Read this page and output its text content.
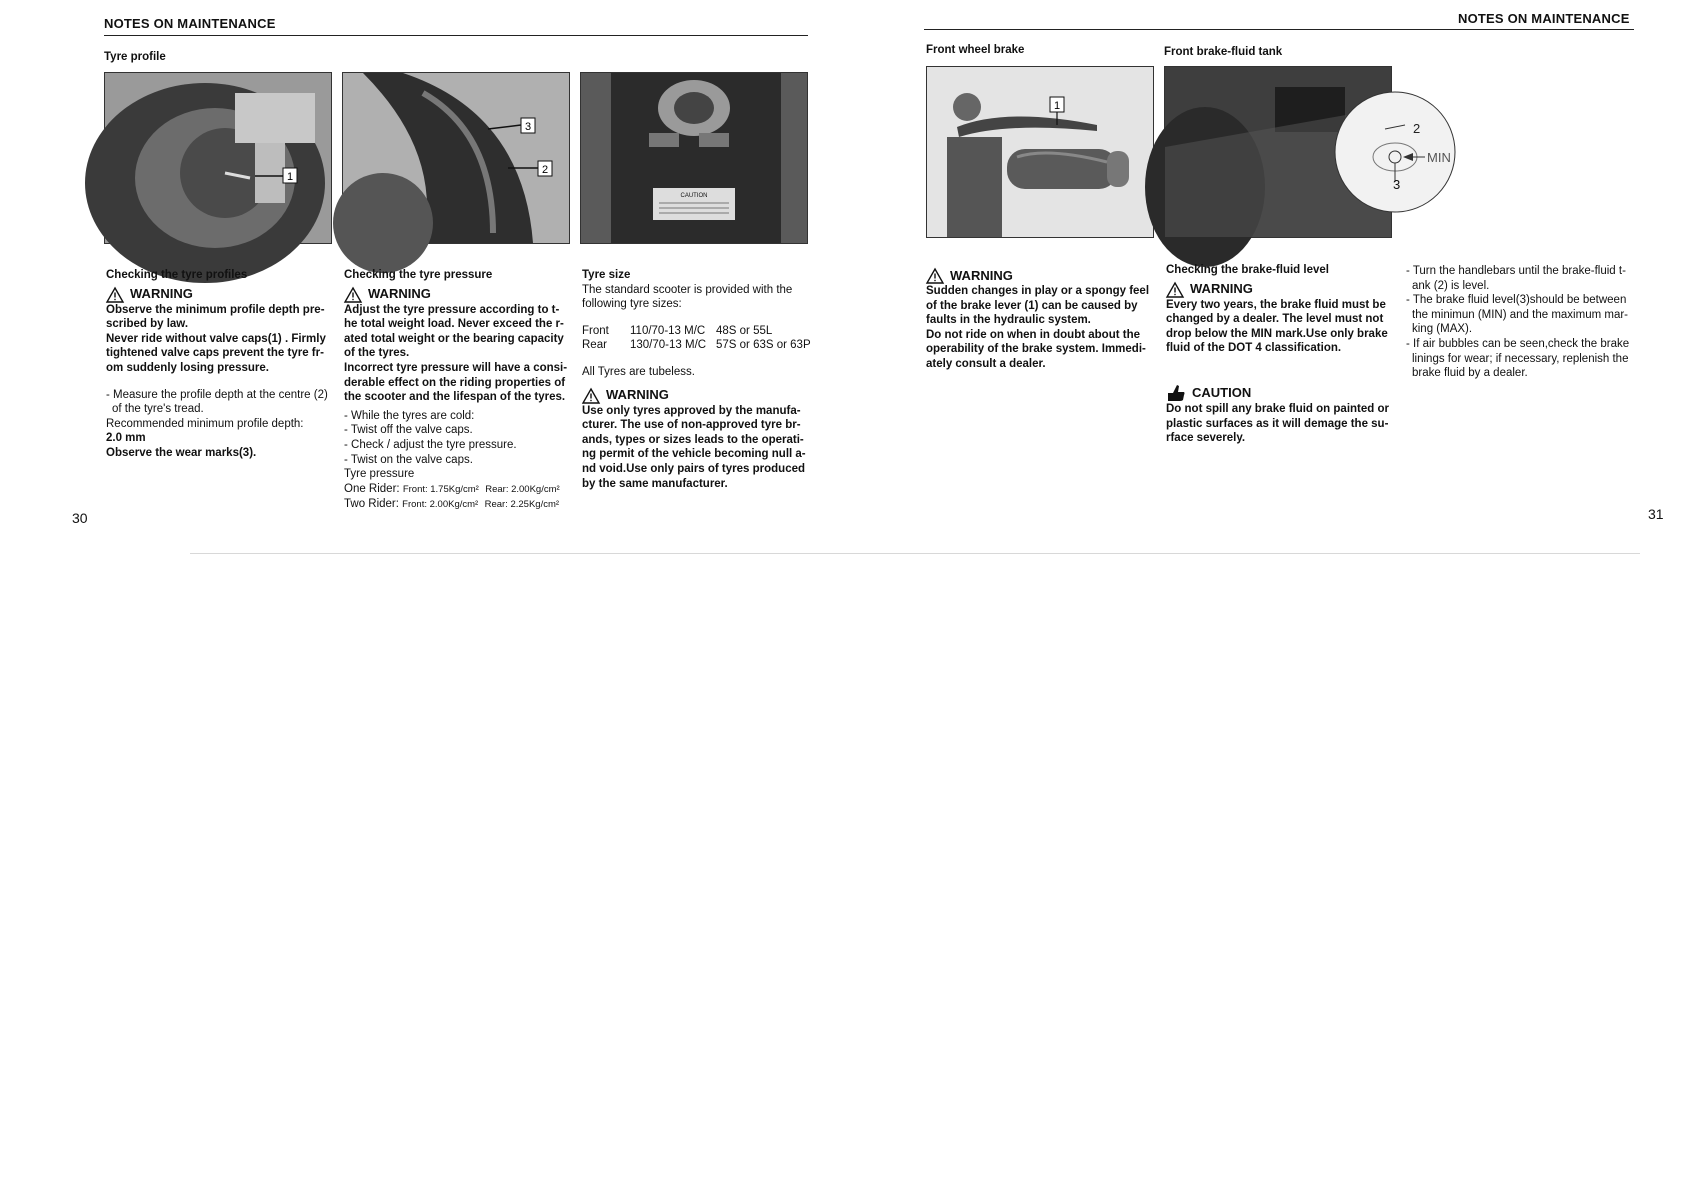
NOTES ON MAINTENANCE
Tyre profile
1
3
2
CAUTION
Checking the tyre profiles
WARNING
Observe the minimum profile depth pre-
scribed by law.
Never ride without valve caps(1) . Firmly
tightened valve caps prevent the tyre fr-
om suddenly losing pressure.
- Measure the profile depth at the centre (2)
of the tyre's tread.
Recommended minimum profile depth:
2.0 mm
Observe the wear marks(3).
Checking the tyre pressure
WARNING
Adjust the tyre pressure according to t-
he total weight load. Never exceed the r-
ated total weight or the bearing capacity
of the tyres.
Incorrect tyre pressure will have a consi-
derable effect on the riding properties of
the scooter and the lifespan of the tyres.
- While the tyres are cold:
- Twist off the valve caps.
- Check / adjust the tyre pressure.
- Twist on the valve caps.
Tyre pressure
One Rider: Front: 1.75Kg/cm² Rear: 2.00Kg/cm²
Two Rider: Front: 2.00Kg/cm² Rear: 2.25Kg/cm²
Tyre size
The standard scooter is provided with the
following tyre sizes:
Front	110/70-13 M/C 48S or 55L
Rear	130/70-13 M/C 57S or 63S or 63P
All Tyres are tubeless.
WARNING
Use only tyres approved by the manufa-
cturer. The use of non-approved tyre br-
ands, types or sizes leads to the operati-
ng permit of the vehicle becoming null a-
nd void.Use only pairs of tyres produced
by the same manufacturer.
30
NOTES ON MAINTENANCE
Front wheel brake	Front brake-fluid tank
1
2
MIN
3
WARNING
Sudden changes in play or a spongy feel
of the brake lever (1) can be caused by
faults in the hydraulic system.
Do not ride on when in doubt about the
operability of the brake system. Immedi-
ately consult a dealer.
Checking the brake-fluid level
WARNING
Every two years, the brake fluid must be
changed by a dealer. The level must not
drop below the MIN mark.Use only brake
fluid of the DOT 4 classification.
CAUTION
Do not spill any brake fluid on painted or
plastic surfaces as it will demage the su-
rface severely.
- Turn the handlebars until the brake-fluid t-
ank (2) is level.
- The brake fluid level(3)should be between
the minimun (MIN) and the maximum mar-
king (MAX).
- If air bubbles can be seen,check the brake
linings for wear; if necessary, replenish the
brake fluid by a dealer.
31
